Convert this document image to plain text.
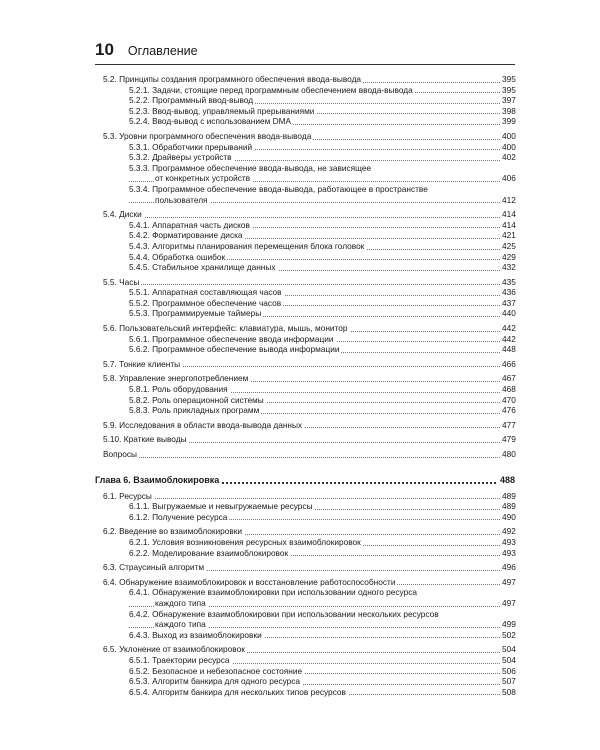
10 Оглавление
5.2. Принципы создания программного обеспечения ввода-вывода	395
5.2.1. Задачи, стоящие перед программным обеспечением ввода-вывода	395
5.2.2. Программный ввод-вывод	397
5.2.3. Ввод-вывод, управляемый прерываниями	398
5.2.4. Ввод-вывод с использованием DMA	399
5.3. Уровни программного обеспечения ввода-вывода	400
5.3.1. Обработчики прерываний	400
5.3.2. Драйверы устройств	402
5.3.3. Программное обеспечение ввода-вывода, не зависящее
от конкретных устройств	406
5.3.4. Программное обеспечение ввода-вывода, работающее в пространстве
пользователя	412
5.4. Диски	414
5.4.1. Аппаратная часть дисков	414
5.4.2. Форматирование диска	421
5.4.3. Алгоритмы планирования перемещения блока головок	425
5.4.4. Обработка ошибок	429
5.4.5. Стабильное хранилище данных	432
5.5. Часы	435
5.5.1. Аппаратная составляющая часов	436
5.5.2. Программное обеспечение часов	437
5.5.3. Программируемые таймеры	440
5.6. Пользовательский интерфейс: клавиатура, мышь, монитор	442
5.6.1. Программное обеспечение ввода информации	442
5.6.2. Программное обеспечение вывода информации	448
5.7. Тонкие клиенты	466
5.8. Управление энергопотреблением	467
5.8.1. Роль оборудования	468
5.8.2. Роль операционной системы	470
5.8.3. Роль прикладных программ	476
5.9. Исследования в области ввода-вывода данных	477
5.10. Краткие выводы	479
Вопросы	480
Глава 6. Взаимоблокировка	488
6.1. Ресурсы	489
6.1.1. Выгружаемые и невыгружаемые ресурсы	489
6.1.2. Получение ресурса	490
6.2. Введение во взаимоблокировки	492
6.2.1. Условия возникновения ресурсных взаимоблокировок	493
6.2.2. Моделирование взаимоблокировок	493
6.3. Страусиный алгоритм	496
6.4. Обнаружение взаимоблокировок и восстановление работоспособности	497
6.4.1. Обнаружение взаимоблокировки при использовании одного ресурса
каждого типа	497
6.4.2. Обнаружение взаимоблокировки при использовании нескольких ресурсов
каждого типа	499
6.4.3. Выход из взаимоблокировки	502
6.5. Уклонение от взаимоблокировок	504
6.5.1. Траектории ресурса	504
6.5.2. Безопасное и небезопасное состояние	506
6.5.3. Алгоритм банкира для одного ресурса	507
6.5.4. Алгоритм банкира для нескольких типов ресурсов	508
